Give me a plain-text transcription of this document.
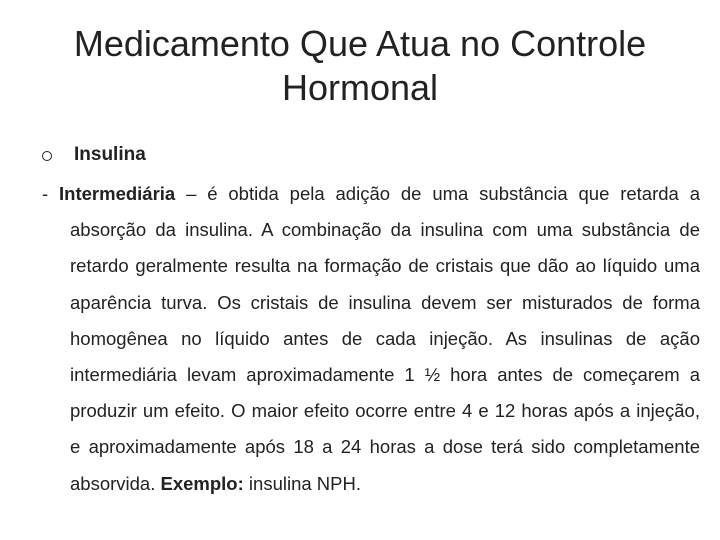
Medicamento Que Atua no Controle Hormonal
Insulina

- Intermediária – é obtida pela adição de uma substância que retarda a absorção da insulina. A combinação da insulina com uma substância de retardo geralmente resulta na formação de cristais que dão ao líquido uma aparência turva. Os cristais de insulina devem ser misturados de forma homogênea no líquido antes de cada injeção. As insulinas de ação intermediária levam aproximadamente 1 ½ hora antes de começarem a produzir um efeito. O maior efeito ocorre entre 4 e 12 horas após a injeção, e aproximadamente após 18 a 24 horas a dose terá sido completamente absorvida. Exemplo: insulina NPH.
